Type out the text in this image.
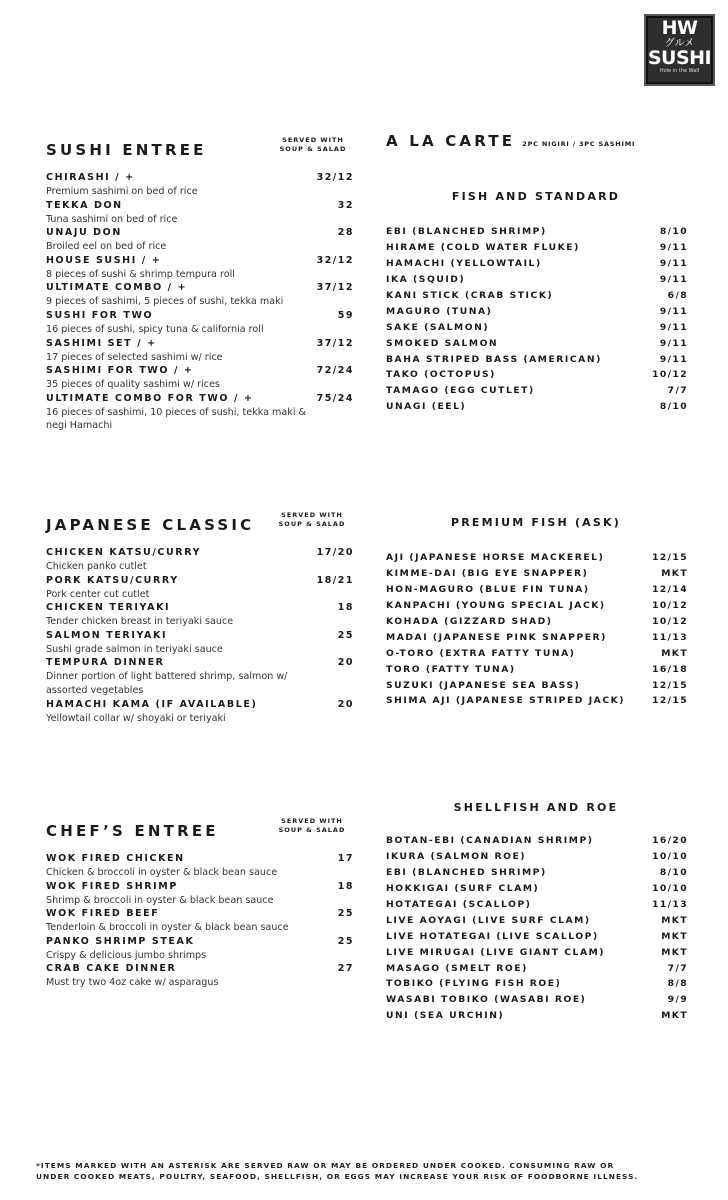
HW
グルメ
SUSHI
Hole in the Wall
SUSHI ENTREE
SERVED WITH
SOUP & SALAD
CHIRASHI / +	32/12
Premium sashimi on bed of rice
TEKKA DON	32
Tuna sashimi on bed of rice
UNAJU DON	28
Broiled eel on bed of rice
HOUSE SUSHI / +	32/12
8 pieces of sushi & shrimp tempura roll
ULTIMATE COMBO / +	37/12
9 pieces of sashimi, 5 pieces of sushi, tekka maki
SUSHI FOR TWO	59
16 pieces of sushi, spicy tuna & california roll
SASHIMI SET / +	37/12
17 pieces of selected sashimi w/ rice
SASHIMI FOR TWO / +	72/24
35 pieces of quality sashimi w/ rices
ULTIMATE COMBO FOR TWO / +	75/24
16 pieces of sashimi, 10 pieces of sushi, tekka maki & negi Hamachi
JAPANESE CLASSIC
SERVED WITH
SOUP & SALAD
CHICKEN KATSU/CURRY	17/20
Chicken panko cutlet
PORK KATSU/CURRY	18/21
Pork center cut cutlet
CHICKEN TERIYAKI	18
Tender chicken breast in teriyaki sauce
SALMON TERIYAKI	25
Sushi grade salmon in teriyaki sauce
TEMPURA DINNER	20
Dinner portion of light battered shrimp, salmon w/ assorted vegetables
HAMACHI KAMA (IF AVAILABLE)	20
Yellowtail collar w/ shoyaki or teriyaki
CHEF’S ENTREE
SERVED WITH
SOUP & SALAD
WOK FIRED CHICKEN	17
Chicken & broccoli in oyster & black bean sauce
WOK FIRED SHRIMP	18
Shrimp & broccoli in oyster & black bean sauce
WOK FIRED BEEF	25
Tenderloin & broccoli in oyster & black bean sauce
PANKO SHRIMP STEAK	25
Crispy & delicious jumbo shrimps
CRAB CAKE DINNER	27
Must try two 4oz cake w/ asparagus
A LA CARTE 2PC NIGIRI / 3PC SASHIMI
FISH AND STANDARD
EBI (BLANCHED SHRIMP)	8/10
HIRAME (COLD WATER FLUKE)	9/11
HAMACHI (YELLOWTAIL)	9/11
IKA (SQUID)	9/11
KANI STICK (CRAB STICK)	6/8
MAGURO (TUNA)	9/11
SAKE (SALMON)	9/11
SMOKED SALMON	9/11
BAHA STRIPED BASS (AMERICAN)	9/11
TAKO (OCTOPUS)	10/12
TAMAGO (EGG CUTLET)	7/7
UNAGI (EEL)	8/10
PREMIUM FISH (ASK)
AJI (JAPANESE HORSE MACKEREL)	12/15
KIMME-DAI (BIG EYE SNAPPER)	MKT
HON-MAGURO (BLUE FIN TUNA)	12/14
KANPACHI (YOUNG SPECIAL JACK)	10/12
KOHADA (GIZZARD SHAD)	10/12
MADAI (JAPANESE PINK SNAPPER)	11/13
O-TORO (EXTRA FATTY TUNA)	MKT
TORO (FATTY TUNA)	16/18
SUZUKI (JAPANESE SEA BASS)	12/15
SHIMA AJI (JAPANESE STRIPED JACK)	12/15
SHELLFISH AND ROE
BOTAN-EBI (CANADIAN SHRIMP)	16/20
IKURA (SALMON ROE)	10/10
EBI (BLANCHED SHRIMP)	8/10
HOKKIGAI (SURF CLAM)	10/10
HOTATEGAI (SCALLOP)	11/13
LIVE AOYAGI (LIVE SURF CLAM)	MKT
LIVE HOTATEGAI (LIVE SCALLOP)	MKT
LIVE MIRUGAI (LIVE GIANT CLAM)	MKT
MASAGO (SMELT ROE)	7/7
TOBIKO (FLYING FISH ROE)	8/8
WASABI TOBIKO (WASABI ROE)	9/9
UNI (SEA URCHIN)	MKT
*ITEMS MARKED WITH AN ASTERISK ARE SERVED RAW OR MAY BE ORDERED UNDER COOKED. CONSUMING RAW OR
UNDER COOKED MEATS, POULTRY, SEAFOOD, SHELLFISH, OR EGGS MAY INCREASE YOUR RISK OF FOODBORNE ILLNESS.
